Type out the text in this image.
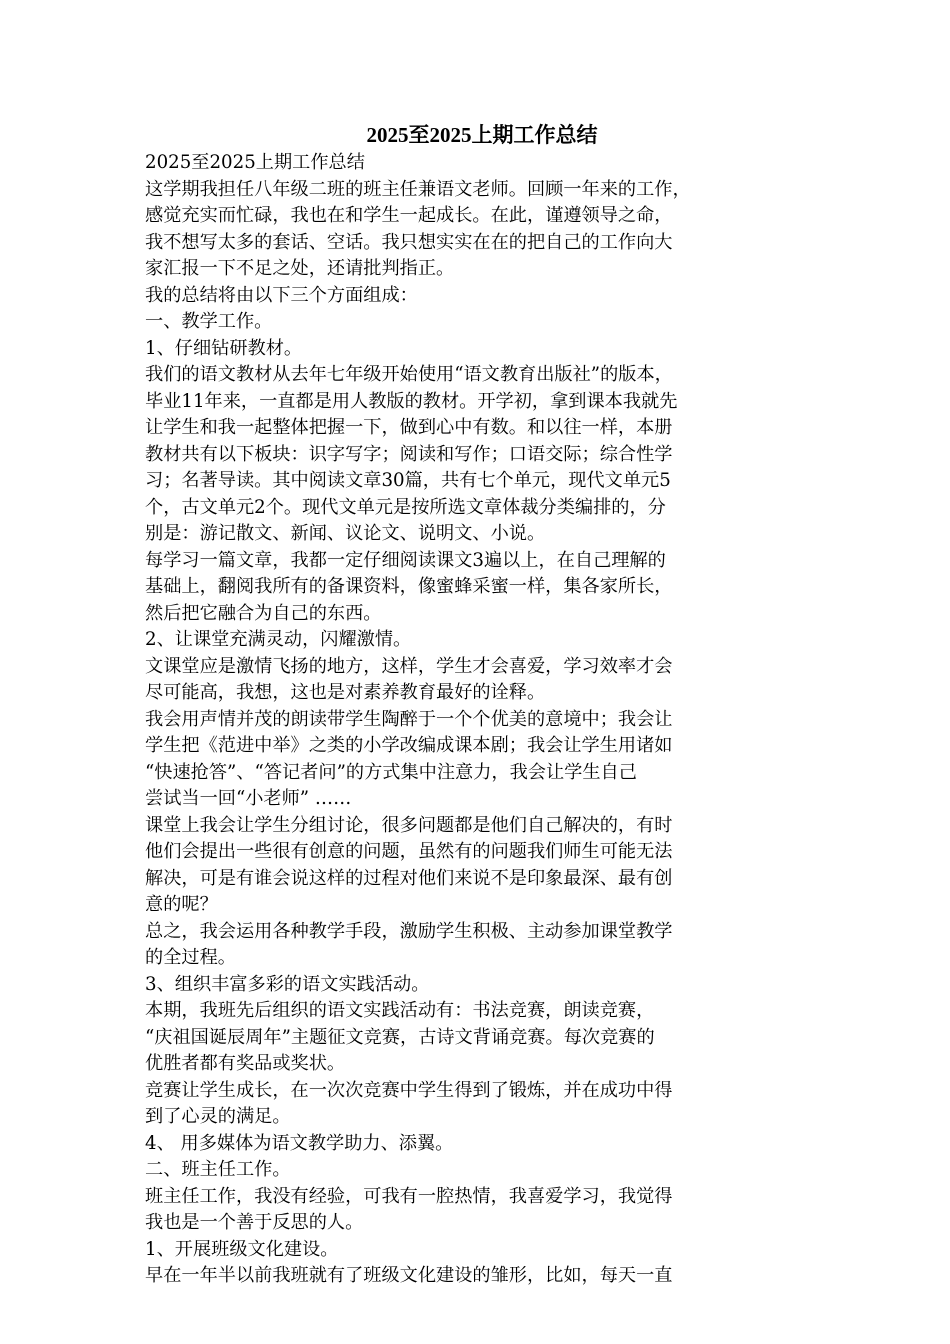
2025至2025上期工作总结

2025至2025上期工作总结

这学期我担任八年级二班的班主任兼语文老师。回顾一年来的工作，

感觉充实而忙碌，我也在和学生一起成长。在此，谨遵领导之命，

我不想写太多的套话、空话。我只想实实在在的把自己的工作向大

家汇报一下不足之处，还请批判指正。

我的总结将由以下三个方面组成：

一、教学工作。

1、仔细钻研教材。

我们的语文教材从去年七年级开始使用“语文教育出版社”的版本，

毕业11年来，一直都是用人教版的教材。开学初，拿到课本我就先

让学生和我一起整体把握一下，做到心中有数。和以往一样，本册

教材共有以下板块：识字写字；阅读和写作；口语交际；综合性学

习；名著导读。其中阅读文章30篇，共有七个单元，现代文单元5

个，古文单元2个。现代文单元是按所选文章体裁分类编排的，分

别是：游记散文、新闻、议论文、说明文、小说。

每学习一篇文章，我都一定仔细阅读课文3遍以上，在自己理解的

基础上，翻阅我所有的备课资料，像蜜蜂采蜜一样，集各家所长，

然后把它融合为自己的东西。

2、让课堂充满灵动，闪耀激情。

文课堂应是激情飞扬的地方，这样，学生才会喜爱，学习效率才会

尽可能高，我想，这也是对素养教育最好的诠释。

我会用声情并茂的朗读带学生陶醉于一个个优美的意境中；我会让

学生把《范进中举》之类的小学改编成课本剧；我会让学生用诸如

“快速抢答”、“答记者问”的方式集中注意力，我会让学生自己

尝试当一回“小老师” ……

课堂上我会让学生分组讨论，很多问题都是他们自己解决的，有时

他们会提出一些很有创意的问题，虽然有的问题我们师生可能无法

解决，可是有谁会说这样的过程对他们来说不是印象最深、最有创

意的呢？

总之，我会运用各种教学手段，激励学生积极、主动参加课堂教学

的全过程。

3、组织丰富多彩的语文实践活动。

本期，我班先后组织的语文实践活动有：书法竞赛，朗读竞赛，

“庆祖国诞辰周年”主题征文竞赛，古诗文背诵竞赛。每次竞赛的

优胜者都有奖品或奖状。

竞赛让学生成长，在一次次竞赛中学生得到了锻炼，并在成功中得

到了心灵的满足。

4、 用多媒体为语文教学助力、添翼。

二、班主任工作。

班主任工作，我没有经验，可我有一腔热情，我喜爱学习，我觉得

我也是一个善于反思的人。

1、开展班级文化建设。

早在一年半以前我班就有了班级文化建设的雏形，比如，每天一直
